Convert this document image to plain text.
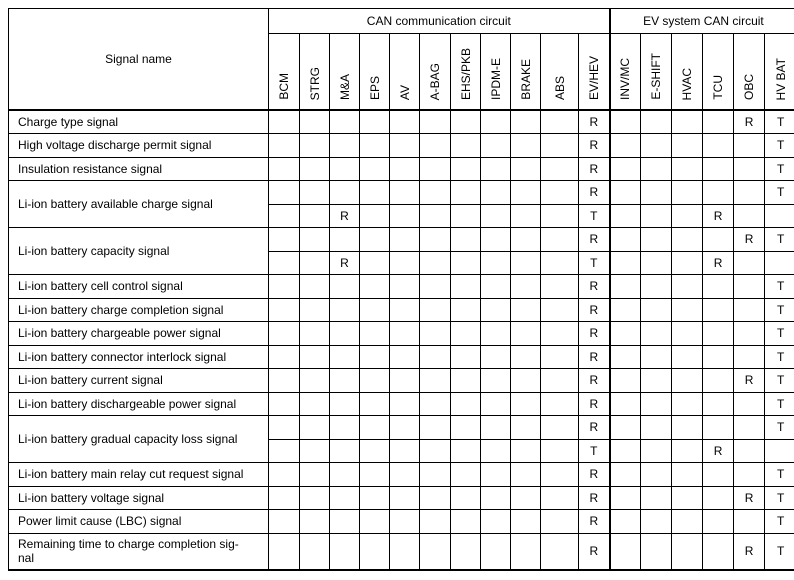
Signal name	CAN communication circuit											EV system CAN circuit					
	BCM	STRG	M&A	EPS	AV	A-BAG	EHS/PKB	IPDM-E	BRAKE	ABS	EV/HEV	INV/MC	E-SHIFT	HVAC	TCU	OBC	HV BAT
Charge type signal											R					R	T
High voltage discharge permit signal											R						T
Insulation resistance signal											R						T
Li-ion battery available charge signal											R						T
			R								T				R		
Li-ion battery capacity signal											R					R	T
			R								T				R		
Li-ion battery cell control signal											R						T
Li-ion battery charge completion signal											R						T
Li-ion battery chargeable power signal											R						T
Li-ion battery connector interlock signal											R						T
Li-ion battery current signal											R					R	T
Li-ion battery dischargeable power signal											R						T
Li-ion battery gradual capacity loss signal											R						T
											T				R		
Li-ion battery main relay cut request signal											R						T
Li-ion battery voltage signal											R					R	T
Power limit cause (LBC) signal											R						T
Remaining time to charge completion sig-
nal											R					R	T
